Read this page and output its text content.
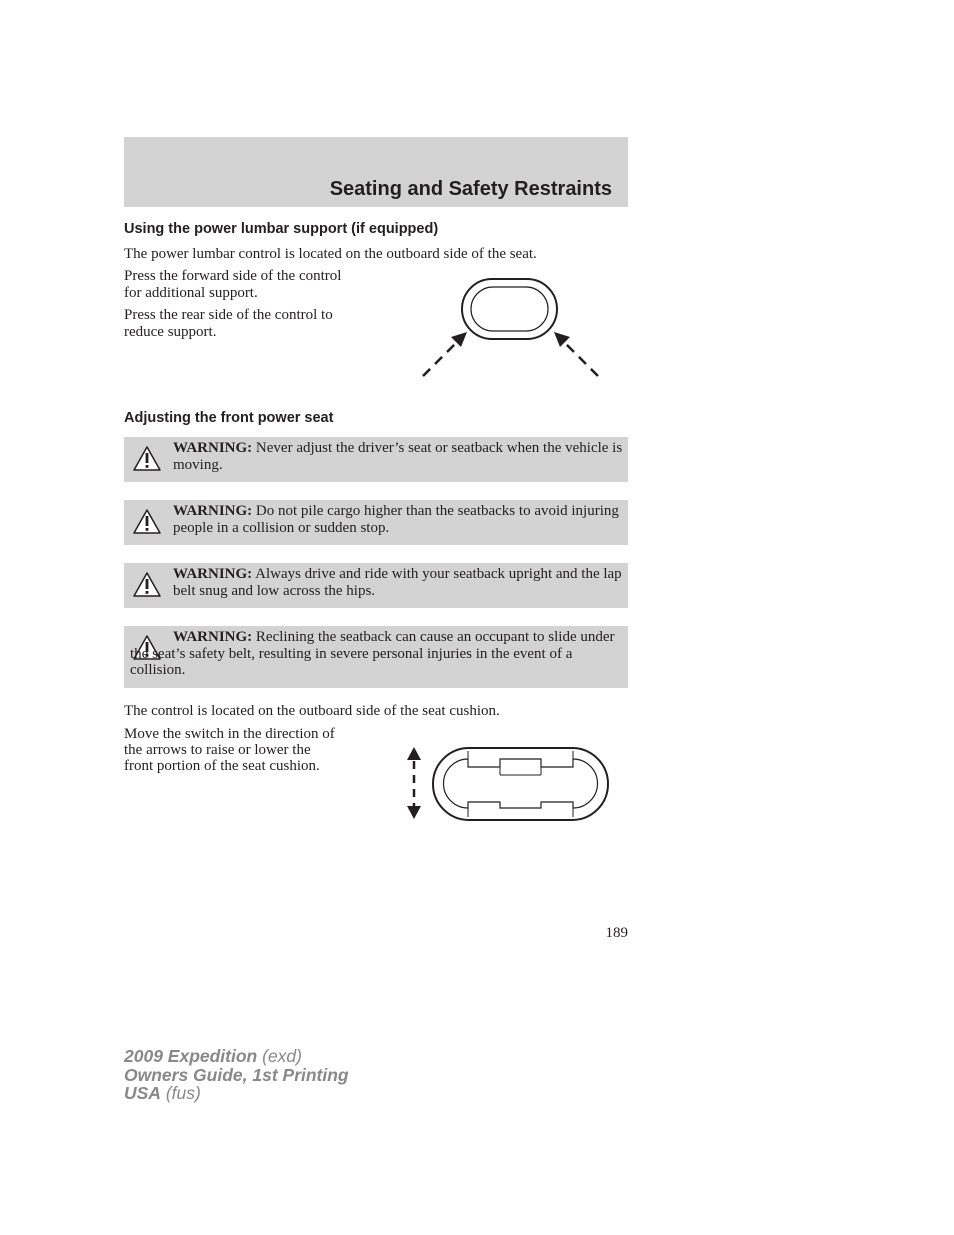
Seating and Safety Restraints
Using the power lumbar support (if equipped)
The power lumbar control is located on the outboard side of the seat.
Press the forward side of the control
for additional support.
Press the rear side of the control to
reduce support.
Adjusting the front power seat
WARNING: Never adjust the driver’s seat or seatback when the vehicle is moving.
WARNING: Do not pile cargo higher than the seatbacks to avoid injuring people in a collision or sudden stop.
WARNING: Always drive and ride with your seatback upright and the lap belt snug and low across the hips.
WARNING: Reclining the seatback can cause an occupant to slide under the seat’s safety belt, resulting in severe personal injuries in the event of a collision.
The control is located on the outboard side of the seat cushion.
Move the switch in the direction of
the arrows to raise or lower the
front portion of the seat cushion.
189
2009 Expedition (exd)
Owners Guide, 1st Printing
USA (fus)
